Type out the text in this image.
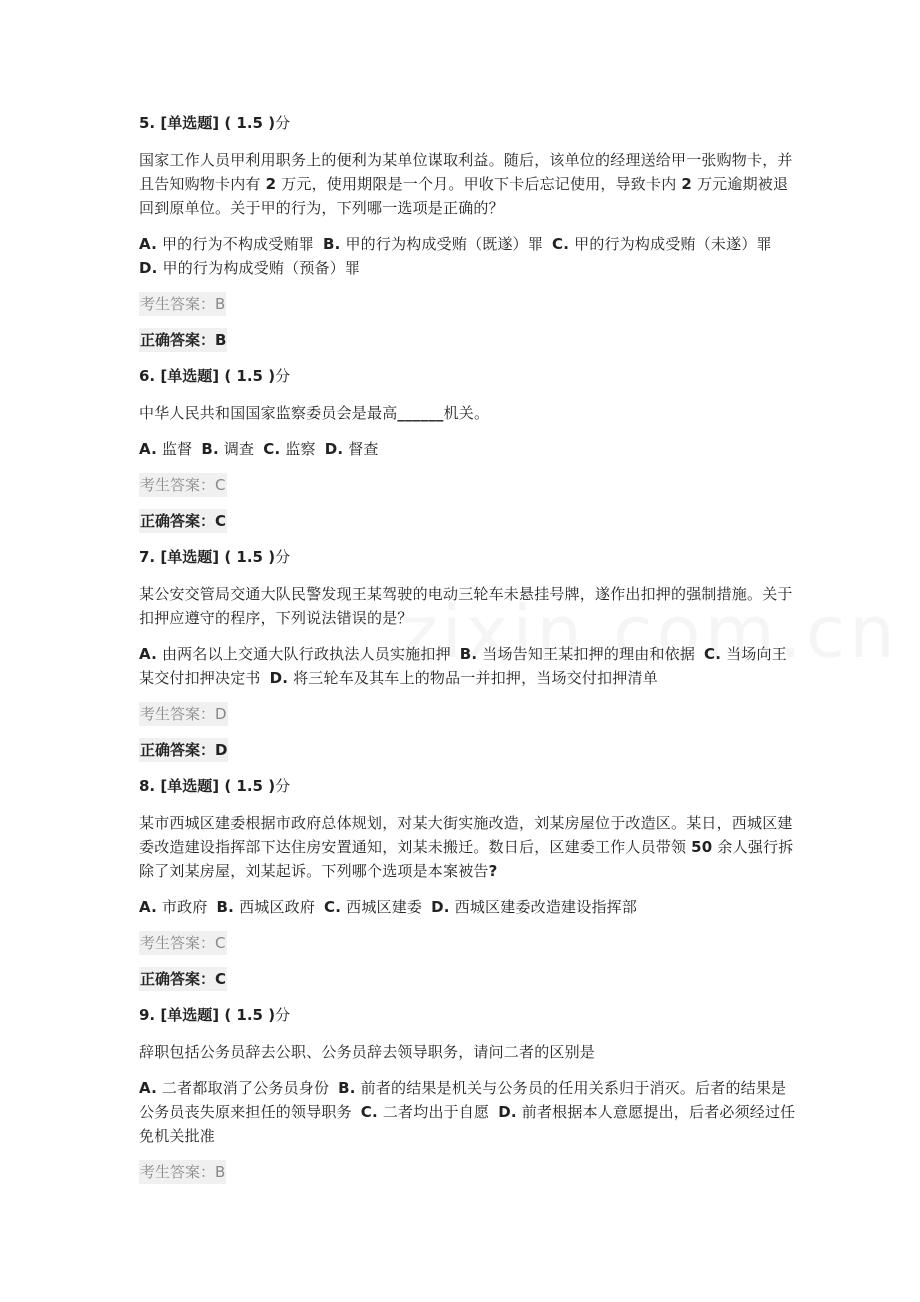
5. [单选题] ( 1.5 )分
国家工作人员甲利用职务上的便利为某单位谋取利益。随后，该单位的经理送给甲一张购物卡，并且告知购物卡内有 2 万元，使用期限是一个月。甲收下卡后忘记使用，导致卡内 2 万元逾期被退回到原单位。关于甲的行为，下列哪一选项是正确的？
A. 甲的行为不构成受贿罪 B. 甲的行为构成受贿（既遂）罪 C. 甲的行为构成受贿（未遂）罪 D. 甲的行为构成受贿（预备）罪
考生答案：B
正确答案：B
6. [单选题] ( 1.5 )分
中华人民共和国国家监察委员会是最高______机关。
A. 监督 B. 调查 C. 监察 D. 督查
考生答案：C
正确答案：C
7. [单选题] ( 1.5 )分
某公安交管局交通大队民警发现王某驾驶的电动三轮车未悬挂号牌，遂作出扣押的强制措施。关于扣押应遵守的程序，下列说法错误的是？
A. 由两名以上交通大队行政执法人员实施扣押 B. 当场告知王某扣押的理由和依据 C. 当场向王某交付扣押决定书 D. 将三轮车及其车上的物品一并扣押，当场交付扣押清单
考生答案：D
正确答案：D
8. [单选题] ( 1.5 )分
某市西城区建委根据市政府总体规划，对某大街实施改造，刘某房屋位于改造区。某日，西城区建委改造建设指挥部下达住房安置通知，刘某未搬迁。数日后，区建委工作人员带领 50 余人强行拆除了刘某房屋，刘某起诉。下列哪个选项是本案被告?
A. 市政府 B. 西城区政府 C. 西城区建委 D. 西城区建委改造建设指挥部
考生答案：C
正确答案：C
9. [单选题] ( 1.5 )分
辞职包括公务员辞去公职、公务员辞去领导职务，请问二者的区别是
A. 二者都取消了公务员身份 B. 前者的结果是机关与公务员的任用关系归于消灭。后者的结果是公务员丧失原来担任的领导职务 C. 二者均出于自愿 D. 前者根据本人意愿提出，后者必须经过任免机关批准
考生答案：B
